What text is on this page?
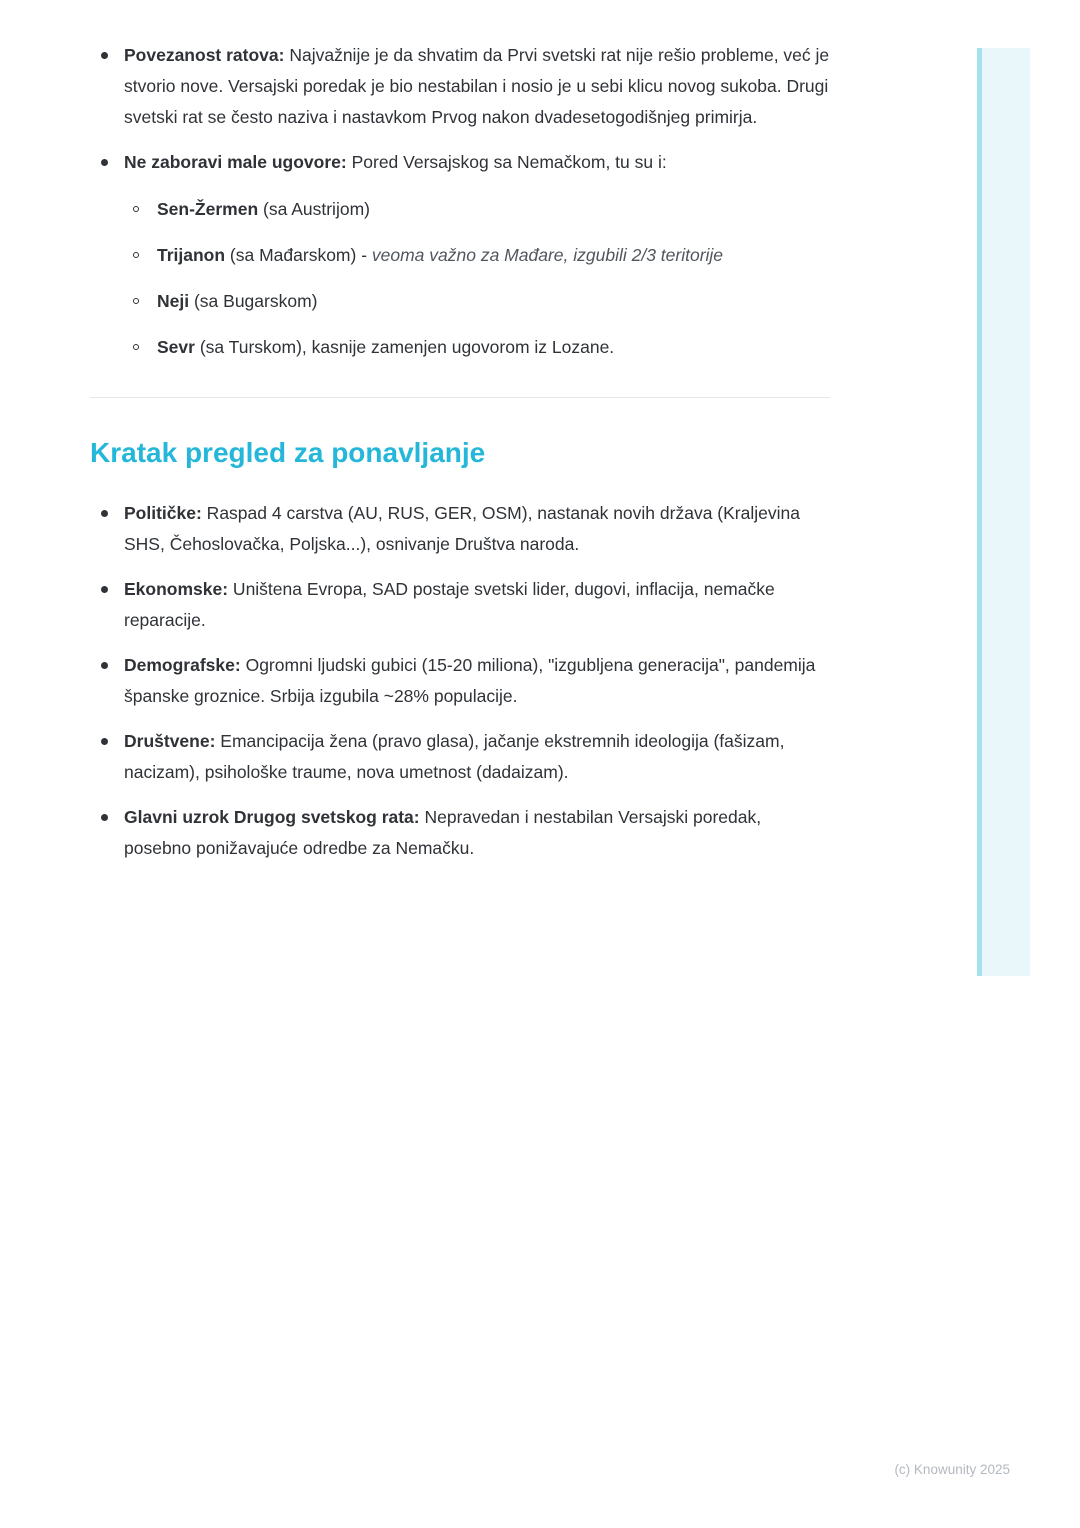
Povezanost ratova: Najvažnije je da shvatim da Prvi svetski rat nije rešio probleme, već je stvorio nove. Versajski poredak je bio nestabilan i nosio je u sebi klicu novog sukoba. Drugi svetski rat se često naziva i nastavkom Prvog nakon dvadesetogodišnjeg primirja.
Ne zaboravi male ugovore: Pored Versajskog sa Nemačkom, tu su i:
Sen-Žermen (sa Austrijom)
Trijanon (sa Mađarskom) - veoma važno za Mađare, izgubili 2/3 teritorije
Neji (sa Bugarskom)
Sevr (sa Turskom), kasnije zamenjen ugovorom iz Lozane.
Kratak pregled za ponavljanje
Političke: Raspad 4 carstva (AU, RUS, GER, OSM), nastanak novih država (Kraljevina SHS, Čehoslovačka, Poljska...), osnivanje Društva naroda.
Ekonomske: Uništena Evropa, SAD postaje svetski lider, dugovi, inflacija, nemačke reparacije.
Demografske: Ogromni ljudski gubici (15-20 miliona), "izgubljena generacija", pandemija španske groznice. Srbija izgubila ~28% populacije.
Društvene: Emancipacija žena (pravo glasa), jačanje ekstremnih ideologija (fašizam, nacizam), psihološke traume, nova umetnost (dadaizam).
Glavni uzrok Drugog svetskog rata: Nepravedan i nestabilan Versajski poredak, posebno ponižavajuće odredbe za Nemačku.
(c) Knowunity 2025
